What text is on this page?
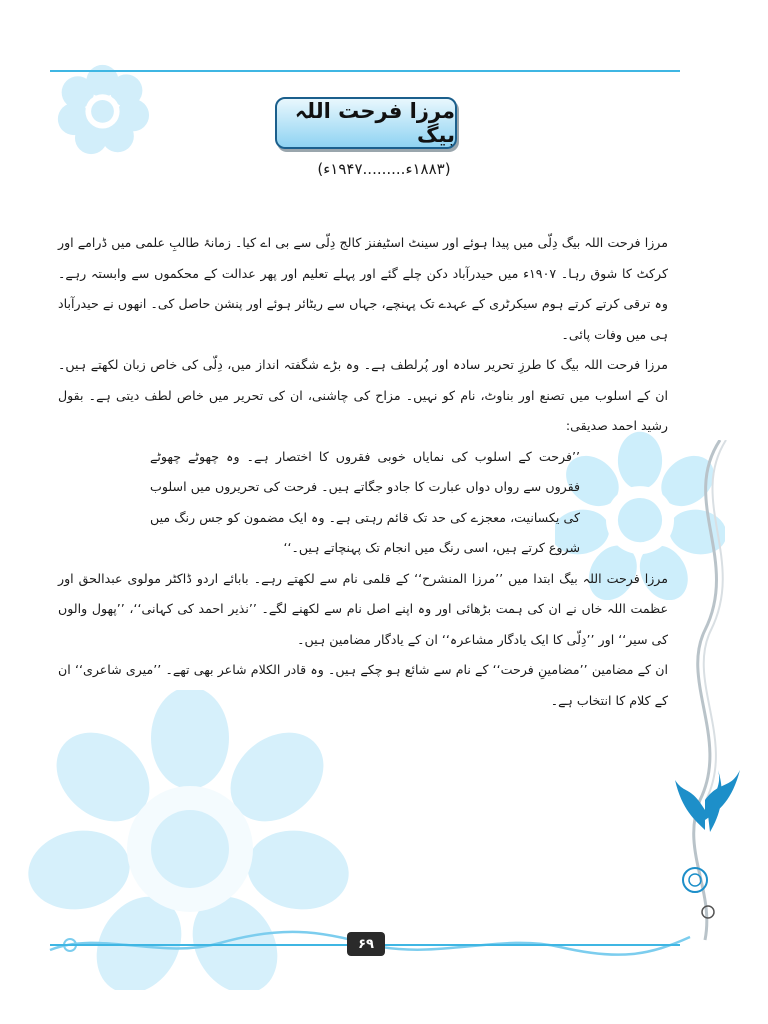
مرزا فرحت اللہ بیگ
(۱۸۸۳ء.........۱۹۴۷ء)

مرزا فرحت اللہ بیگ دِلّی میں پیدا ہوئے اور سینٹ اسٹیفنز کالج دِلّی سے بی اے کیا۔ زمانۂ طالبِ علمی میں ڈرامے اور کرکٹ کا شوق رہا۔ ۱۹۰۷ء میں حیدرآباد دکن چلے گئے اور پہلے تعلیم اور پھر عدالت کے محکموں سے وابستہ رہے۔ وہ ترقی کرتے کرتے ہوم سیکرٹری کے عہدے تک پہنچے، جہاں سے ریٹائر ہوئے اور پنشن حاصل کی۔ انھوں نے حیدرآباد ہی میں وفات پائی۔

مرزا فرحت اللہ بیگ کا طرزِ تحریر سادہ اور پُرلطف ہے۔ وہ بڑے شگفتہ انداز میں، دِلّی کی خاص زبان لکھتے ہیں۔ ان کے اسلوب میں تصنع اور بناوٹ، نام کو نہیں۔ مزاح کی چاشنی، ان کی تحریر میں خاص لطف دیتی ہے۔ بقول رشید احمد صدیقی:

’’فرحت کے اسلوب کی نمایاں خوبی فقروں کا اختصار ہے۔ وہ چھوٹے چھوٹے فقروں سے رواں دواں عبارت کا جادو جگاتے ہیں۔ فرحت کی تحریروں میں اسلوب کی یکسانیت، معجزے کی حد تک قائم رہتی ہے۔ وہ ایک مضمون کو جس رنگ میں شروع کرتے ہیں، اسی رنگ میں انجام تک پہنچاتے ہیں۔‘‘

مرزا فرحت اللہ بیگ ابتدا میں ’’مرزا المنشرح‘‘ کے قلمی نام سے لکھتے رہے۔ بابائے اردو ڈاکٹر مولوی عبدالحق اور عظمت اللہ خاں نے ان کی ہمت بڑھائی اور وہ اپنے اصل نام سے لکھنے لگے۔ ’’نذیر احمد کی کہانی‘‘، ’’پھول والوں کی سیر‘‘ اور ’’دِلّی کا ایک یادگار مشاعرہ‘‘ ان کے یادگار مضامین ہیں۔

ان کے مضامین ’’مضامینِ فرحت‘‘ کے نام سے شائع ہو چکے ہیں۔ وہ قادر الکلام شاعر بھی تھے۔ ’’میری شاعری‘‘ ان کے کلام کا انتخاب ہے۔

۶۹
